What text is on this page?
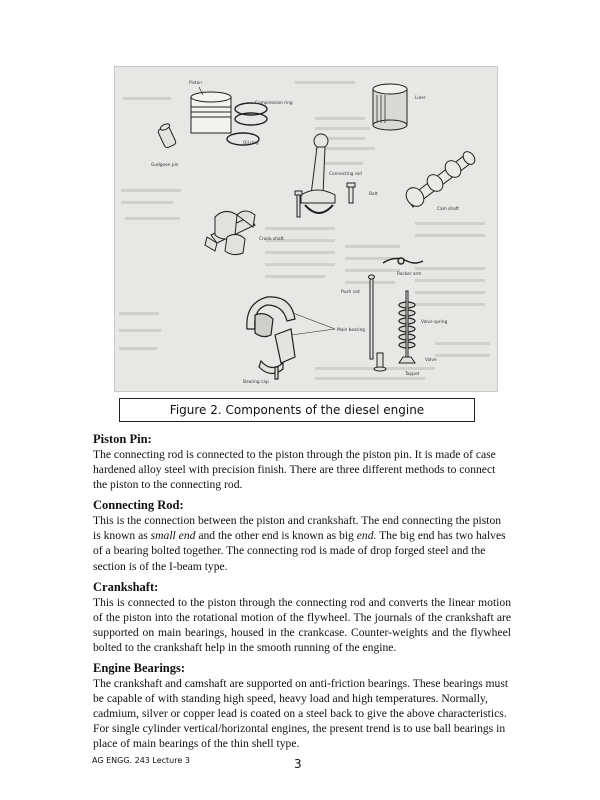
Piston
Compression ring
Oil ring
Gudgeon pin
Liner
Connecting rod
Bolt
Cam shaft
Crank shaft
Rocker arm
Push rod
Main bearing
Valve spring
Valve
Tappet
Bearing cap
Figure 2. Components of the diesel engine
Piston Pin:
The connecting rod is connected to the piston through the piston pin. It is made of case hardened alloy steel with precision finish. There are three different methods to connect the piston to the connecting rod.
Connecting Rod:
This is the connection between the piston and crankshaft. The end connecting the piston is known as small end and the other end is known as big end. The big end has two halves of a bearing bolted together. The connecting rod is made of drop forged steel and the section is of the I-beam type.
Crankshaft:
This is connected to the piston through the connecting rod and converts the linear motion of the piston into the rotational motion of the flywheel. The journals of the crankshaft are supported on main bearings, housed in the crankcase. Counter-weights and the flywheel bolted to the crankshaft help in the smooth running of the engine.
Engine Bearings:
The crankshaft and camshaft are supported on anti-friction bearings. These bearings must be capable of with standing high speed, heavy load and high temperatures. Normally, cadmium, silver or copper lead is coated on a steel back to give the above characteristics. For single cylinder vertical/horizontal engines, the present trend is to use ball bearings in place of main bearings of the thin shell type.
AG ENGG. 243 Lecture 3	3
